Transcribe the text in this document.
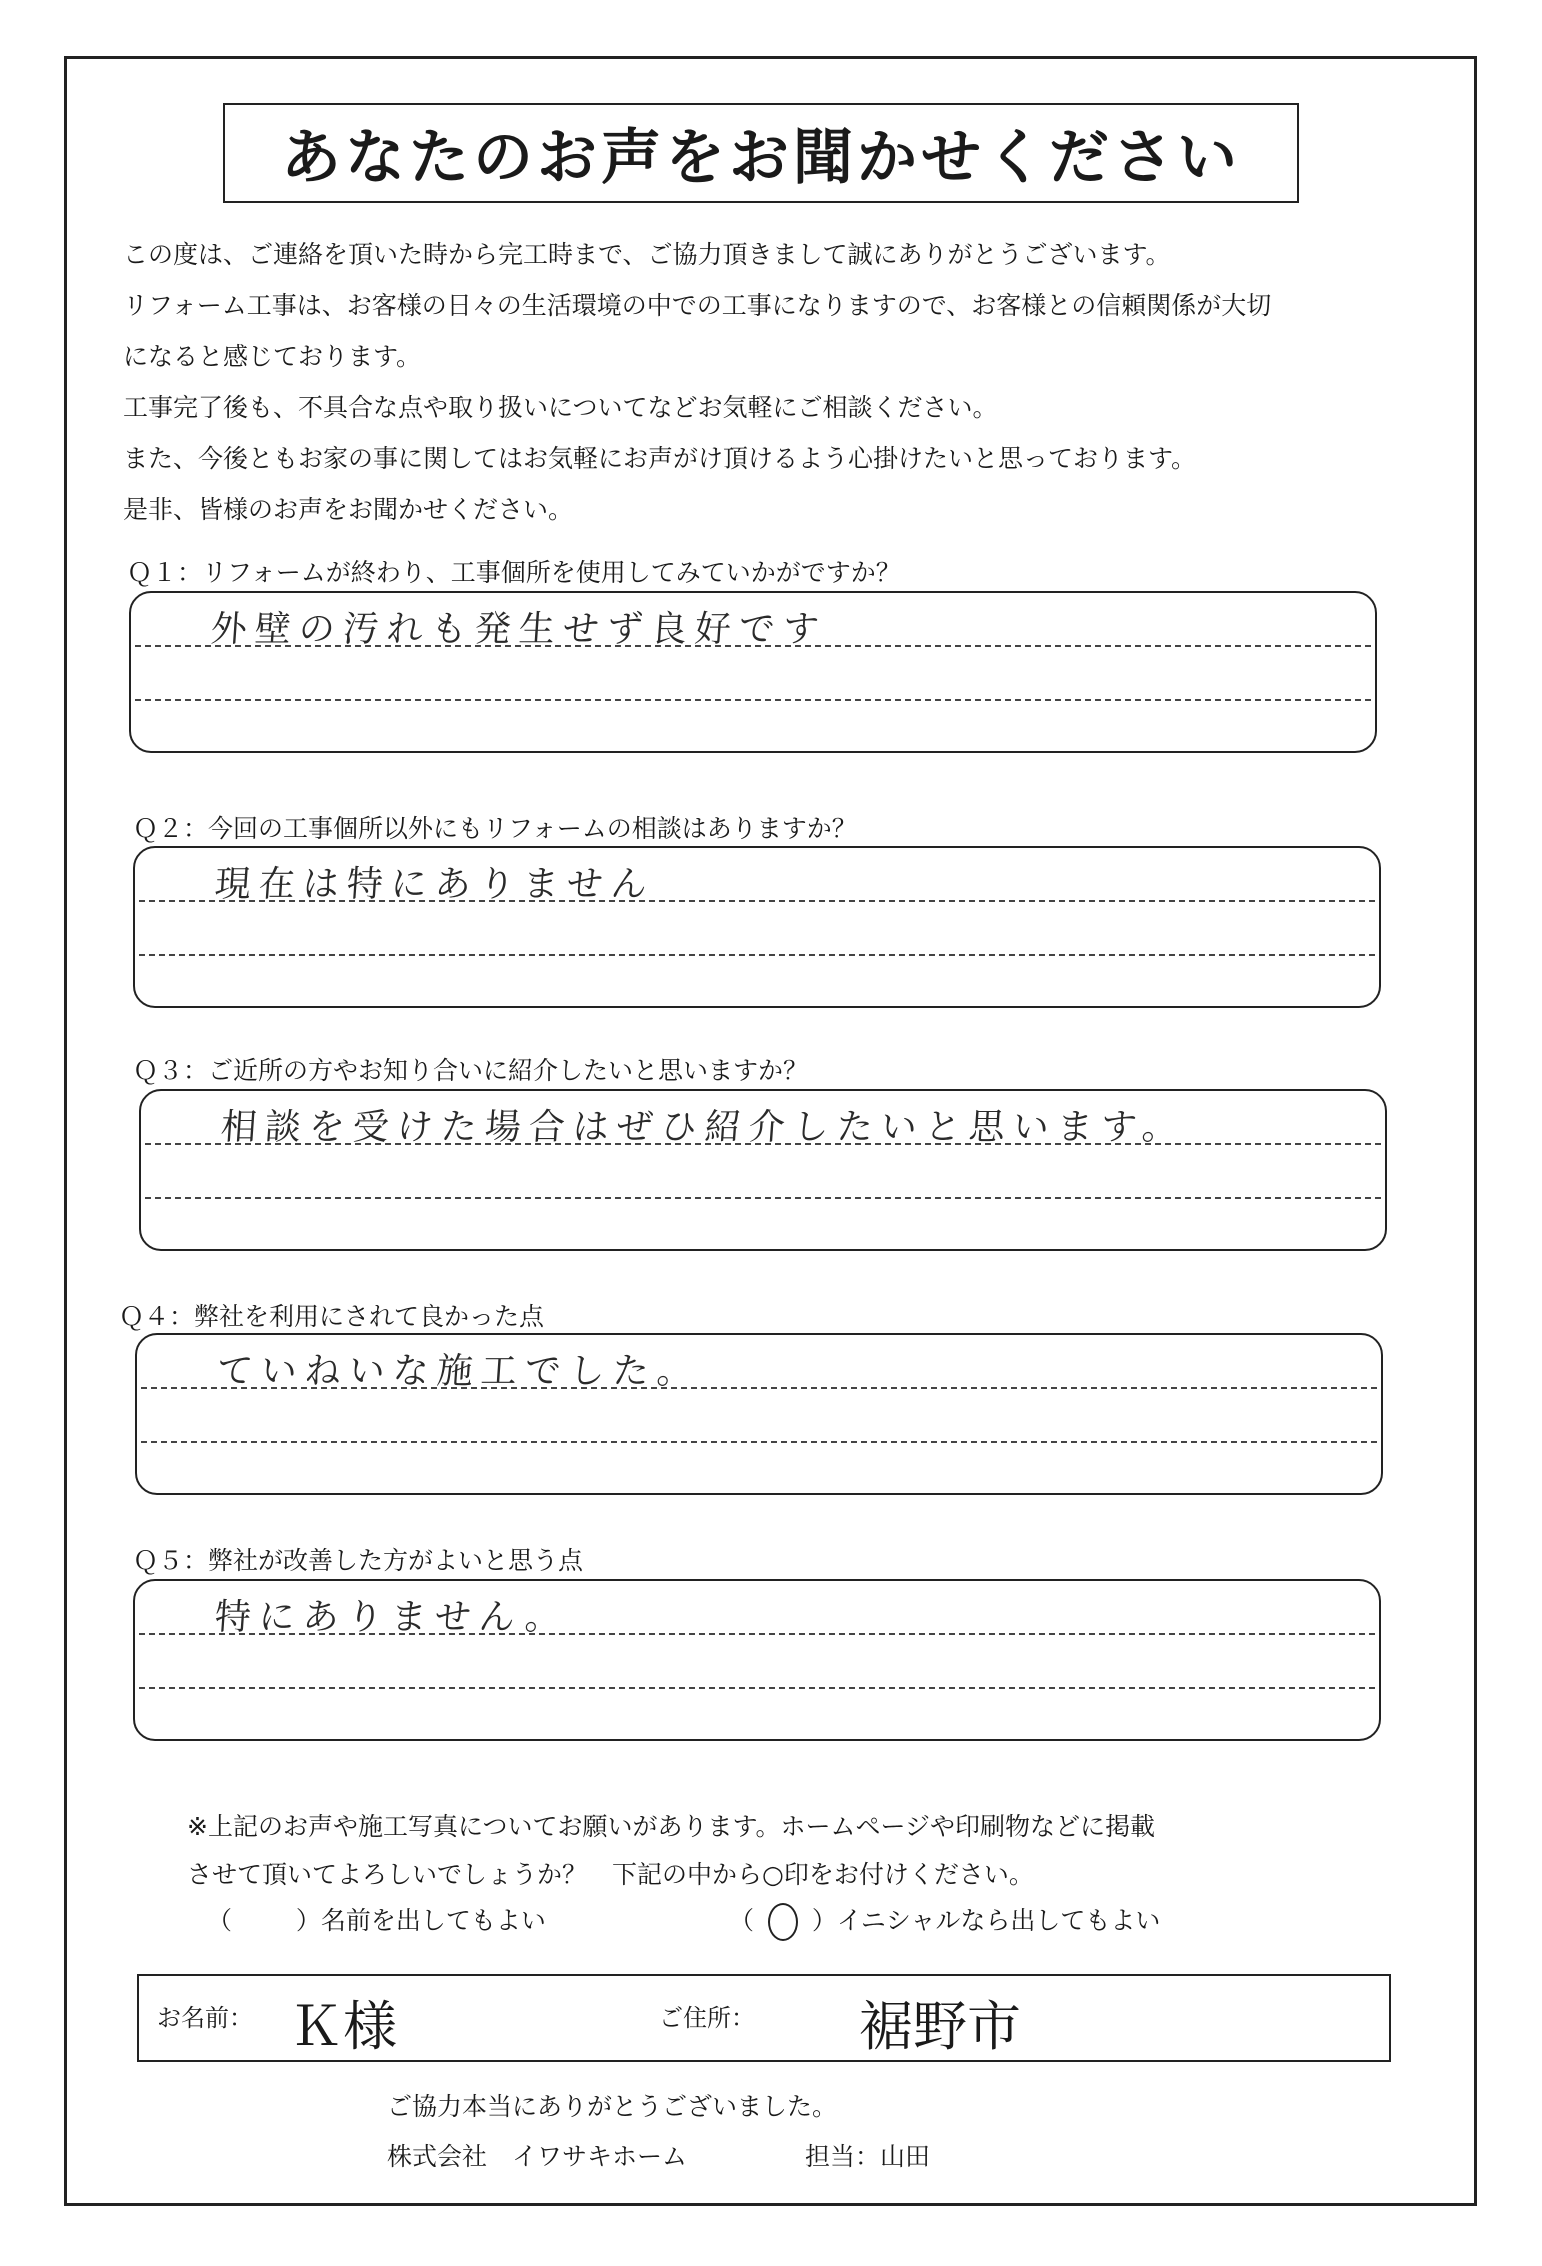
あなたのお声をお聞かせください

この度は、ご連絡を頂いた時から完工時まで、ご協力頂きまして誠にありがとうございます。

リフォーム工事は、お客様の日々の生活環境の中での工事になりますので、お客様との信頼関係が大切

になると感じております。

工事完了後も、不具合な点や取り扱いについてなどお気軽にご相談ください。

また、今後ともお家の事に関してはお気軽にお声がけ頂けるよう心掛けたいと思っております。

是非、皆様のお声をお聞かせください。

Ｑ１：リフォームが終わり、工事個所を使用してみていかがですか？
外壁の汚れも発生せず良好です
Ｑ２：今回の工事個所以外にもリフォームの相談はありますか？
現在は特にありません
Ｑ３：ご近所の方やお知り合いに紹介したいと思いますか？
相談を受けた場合はぜひ紹介したいと思います。
Ｑ４：弊社を利用にされて良かった点
ていねいな施工でした。
Ｑ５：弊社が改善した方がよいと思う点
特にありません。

※上記のお声や施工写真についてお願いがあります。ホームページや印刷物などに掲載

させて頂いてよろしいでしょうか？　下記の中から○印をお付けください。

（	）名前を出してもよい	（ ）イニシャルなら出してもよい
お名前： Ｋ様	ご住所： 裾野市
ご協力本当にありがとうございました。
株式会社　イワサキホーム	担当：山田
